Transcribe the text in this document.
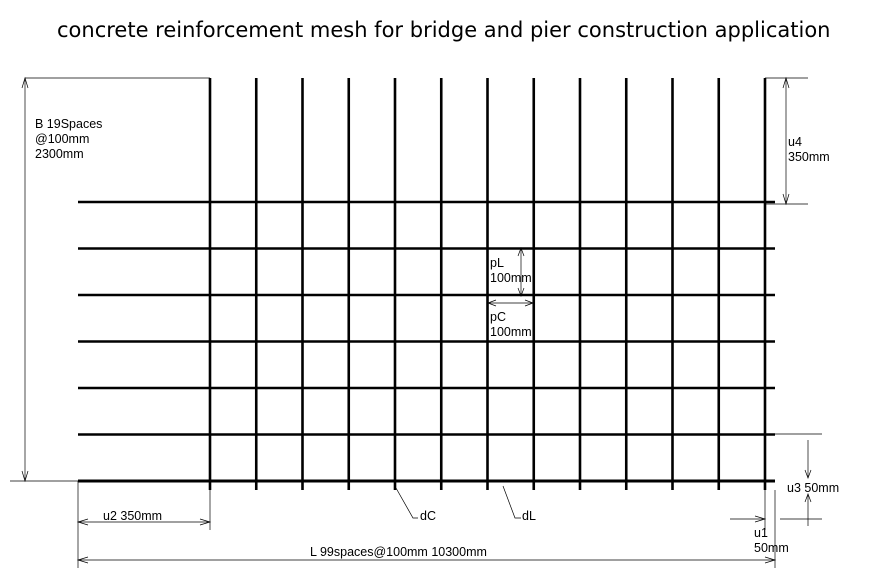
concrete reinforcement mesh for bridge and pier construction application
B 19Spaces
@100mm
2300mm
u4
350mm
pL
100mm
pC
100mm
u3 50mm
u2 350mm	dC	dL
u1
50mm
L 99spaces@100mm 10300mm
